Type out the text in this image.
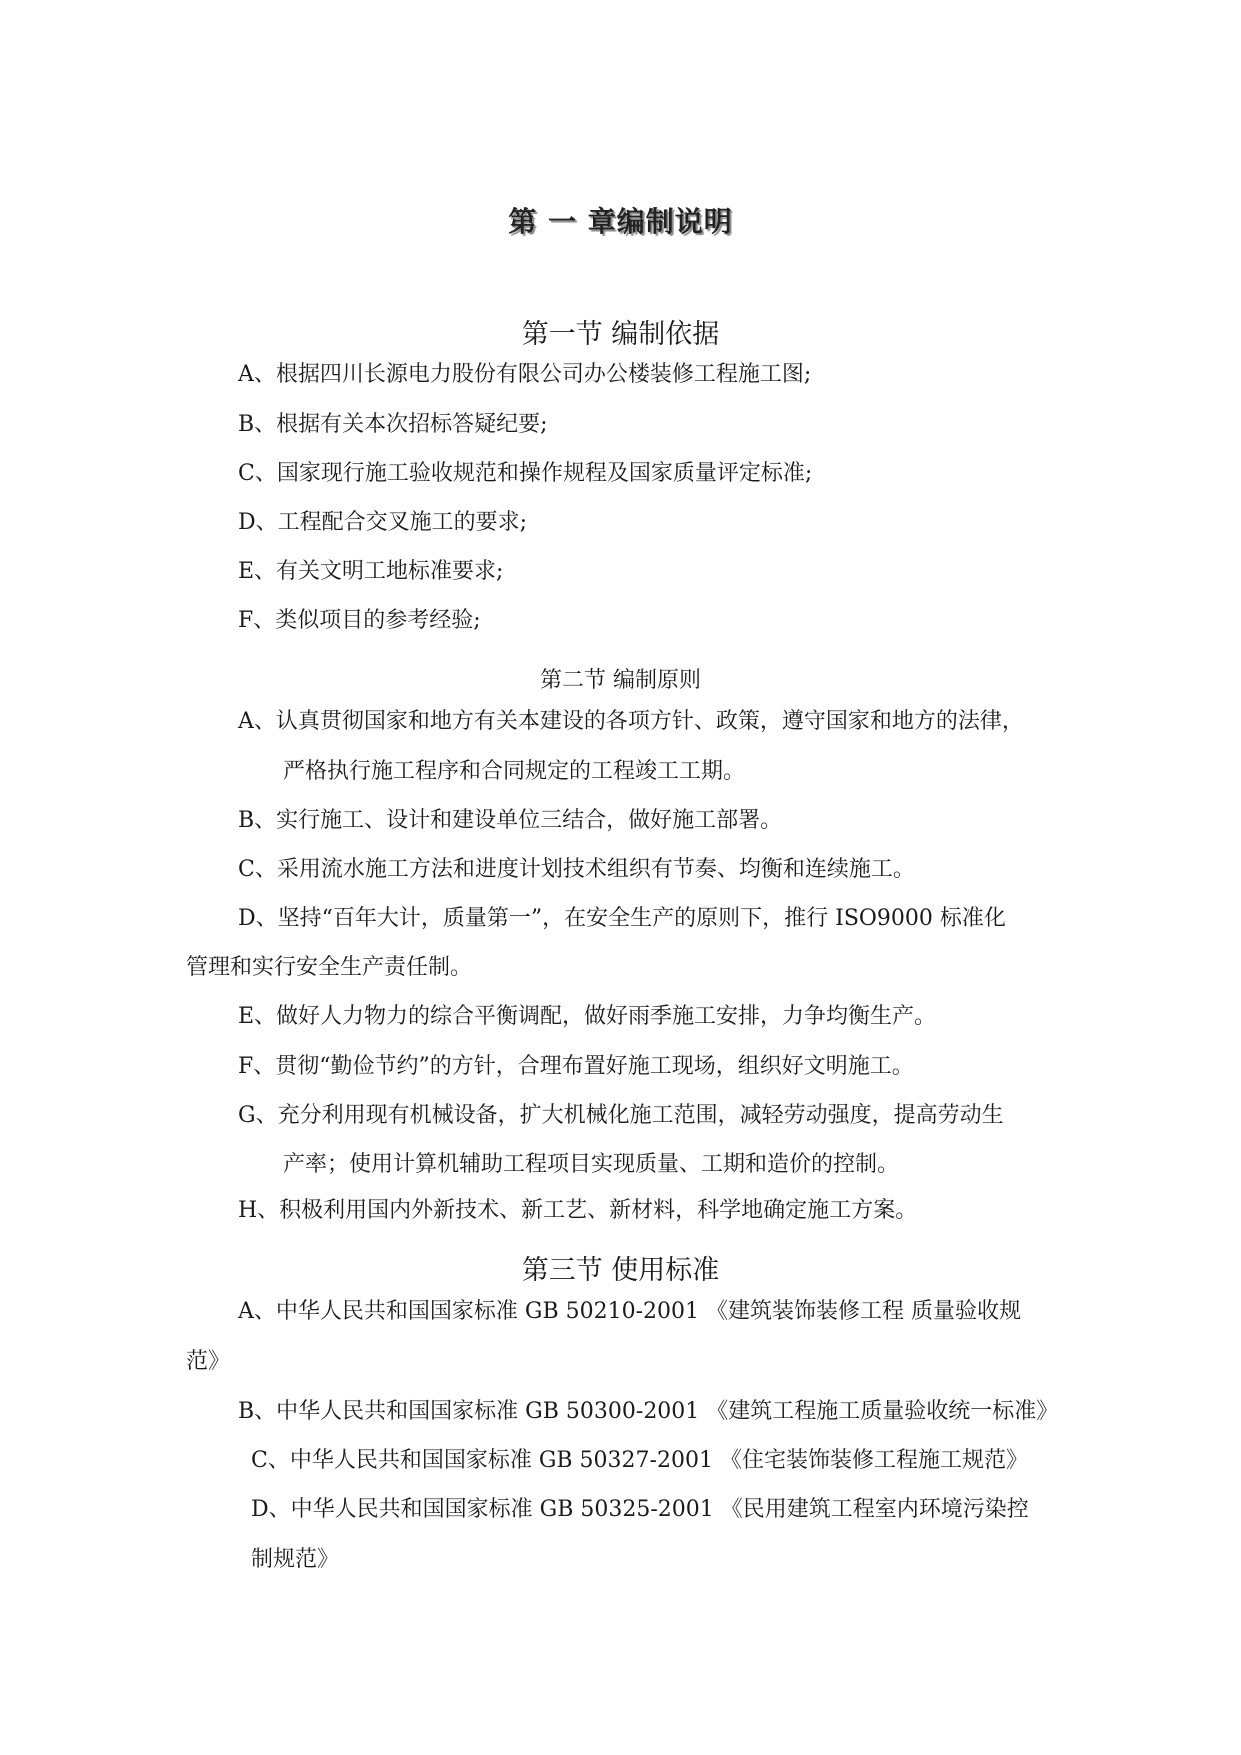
第 一 章编制说明
第一节 编制依据
A、根据四川长源电力股份有限公司办公楼装修工程施工图;
B、根据有关本次招标答疑纪要;
C、国家现行施工验收规范和操作规程及国家质量评定标准;
D、工程配合交叉施工的要求;
E、有关文明工地标准要求;
F、类似项目的参考经验;
第二节 编制原则
A、认真贯彻国家和地方有关本建设的各项方针、政策，遵守国家和地方的法律，
严格执行施工程序和合同规定的工程竣工工期。
B、实行施工、设计和建设单位三结合，做好施工部署。
C、采用流水施工方法和进度计划技术组织有节奏、均衡和连续施工。
D、坚持“百年大计，质量第一”，在安全生产的原则下，推行 ISO9000 标准化
管理和实行安全生产责任制。
E、做好人力物力的综合平衡调配，做好雨季施工安排，力争均衡生产。
F、贯彻“勤俭节约”的方针，合理布置好施工现场，组织好文明施工。
G、充分利用现有机械设备，扩大机械化施工范围，减轻劳动强度，提高劳动生
产率；使用计算机辅助工程项目实现质量、工期和造价的控制。
H、积极利用国内外新技术、新工艺、新材料，科学地确定施工方案。
第三节 使用标准
A、中华人民共和国国家标准 GB 50210-2001 《建筑装饰装修工程 质量验收规
范》
B、中华人民共和国国家标准 GB 50300-2001 《建筑工程施工质量验收统一标准》
C、中华人民共和国国家标准 GB 50327-2001 《住宅装饰装修工程施工规范》
D、中华人民共和国国家标准 GB 50325-2001 《民用建筑工程室内环境污染控
制规范》
